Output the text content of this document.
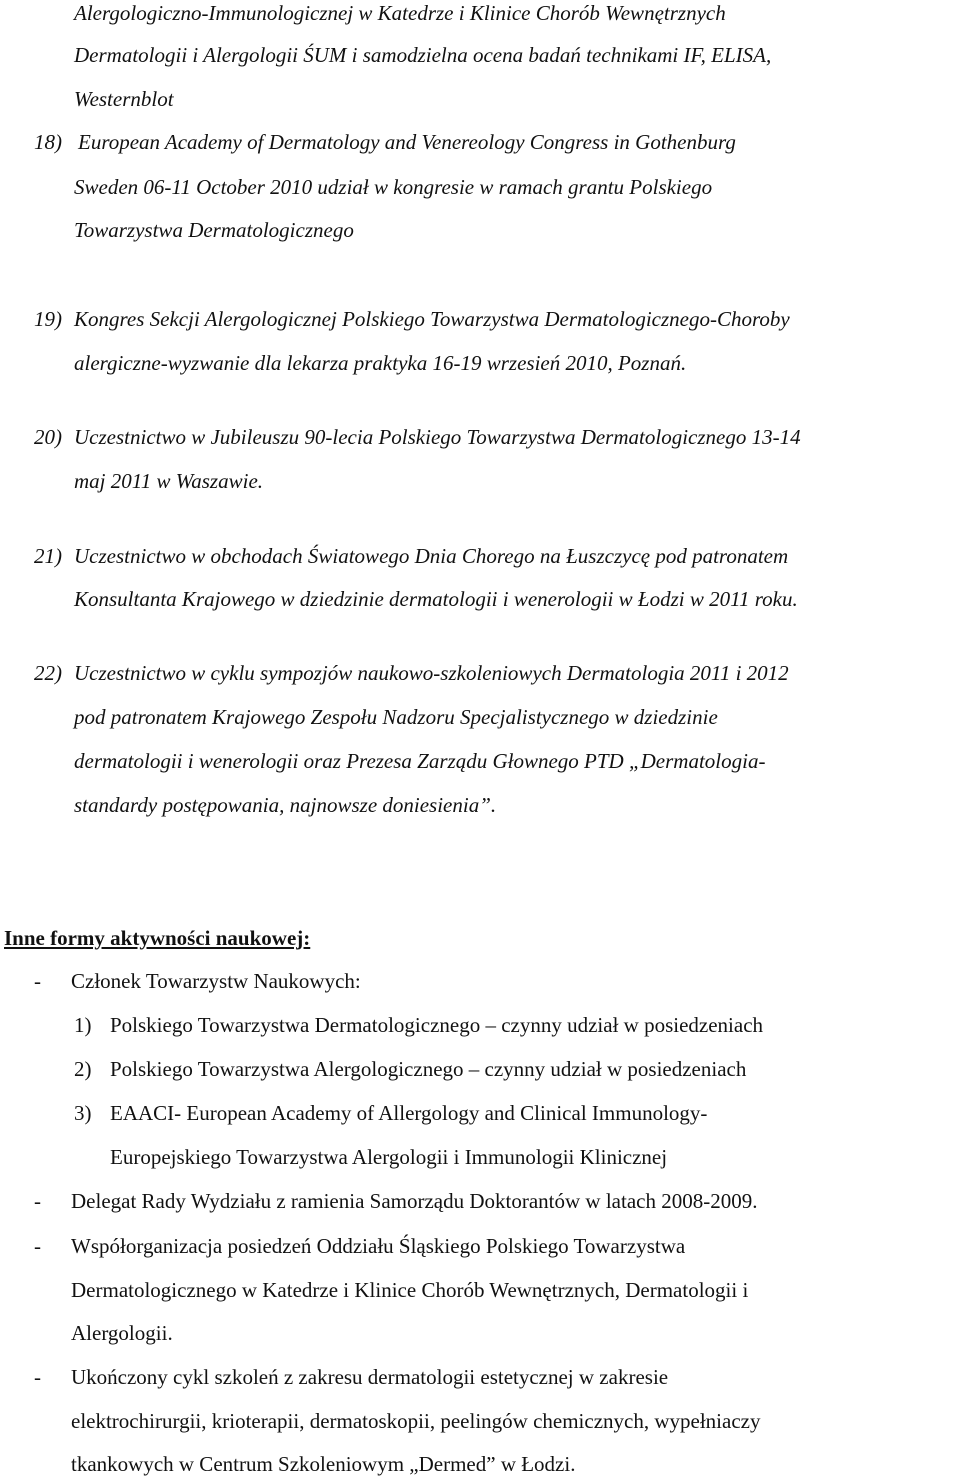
Alergologiczno-Immunologicznej w Katedrze i Klinice Chorób Wewnętrznych
Dermatologii i Alergologii ŚUM i samodzielna ocena badań technikami IF, ELISA,
Westernblot
18) European Academy of Dermatology and Venereology Congress in Gothenburg
Sweden 06-11 October 2010 udział w kongresie w ramach grantu Polskiego
Towarzystwa Dermatologicznego
19) Kongres Sekcji Alergologicznej Polskiego Towarzystwa Dermatologicznego-Choroby
alergiczne-wyzwanie dla lekarza praktyka 16-19 wrzesień 2010, Poznań.
20) Uczestnictwo w Jubileuszu 90-lecia Polskiego Towarzystwa Dermatologicznego 13-14
maj 2011 w Waszawie.
21) Uczestnictwo w obchodach Światowego Dnia Chorego na Łuszczycę pod patronatem
Konsultanta Krajowego w dziedzinie dermatologii i wenerologii w Łodzi w 2011 roku.
22) Uczestnictwo w cyklu sympozjów naukowo-szkoleniowych Dermatologia 2011 i 2012
pod patronatem Krajowego Zespołu Nadzoru Specjalistycznego w dziedzinie
dermatologii i wenerologii oraz Prezesa Zarządu Głownego PTD „Dermatologia-
standardy postępowania, najnowsze doniesienia”.
Inne formy aktywności naukowej:
- Członek Towarzystw Naukowych:
1) Polskiego Towarzystwa Dermatologicznego – czynny udział w posiedzeniach
2) Polskiego Towarzystwa Alergologicznego – czynny udział w posiedzeniach
3) EAACI- European Academy of Allergology and Clinical Immunology-
Europejskiego Towarzystwa Alergologii i Immunologii Klinicznej
- Delegat Rady Wydziału z ramienia Samorządu Doktorantów w latach 2008-2009.
- Współorganizacja posiedzeń Oddziału Śląskiego Polskiego Towarzystwa
Dermatologicznego w Katedrze i Klinice Chorób Wewnętrznych, Dermatologii i
Alergologii.
- Ukończony cykl szkoleń z zakresu dermatologii estetycznej w zakresie
elektrochirurgii, krioterapii, dermatoskopii, peelingów chemicznych, wypełniaczy
tkankowych w Centrum Szkoleniowym „Dermed” w Łodzi.
